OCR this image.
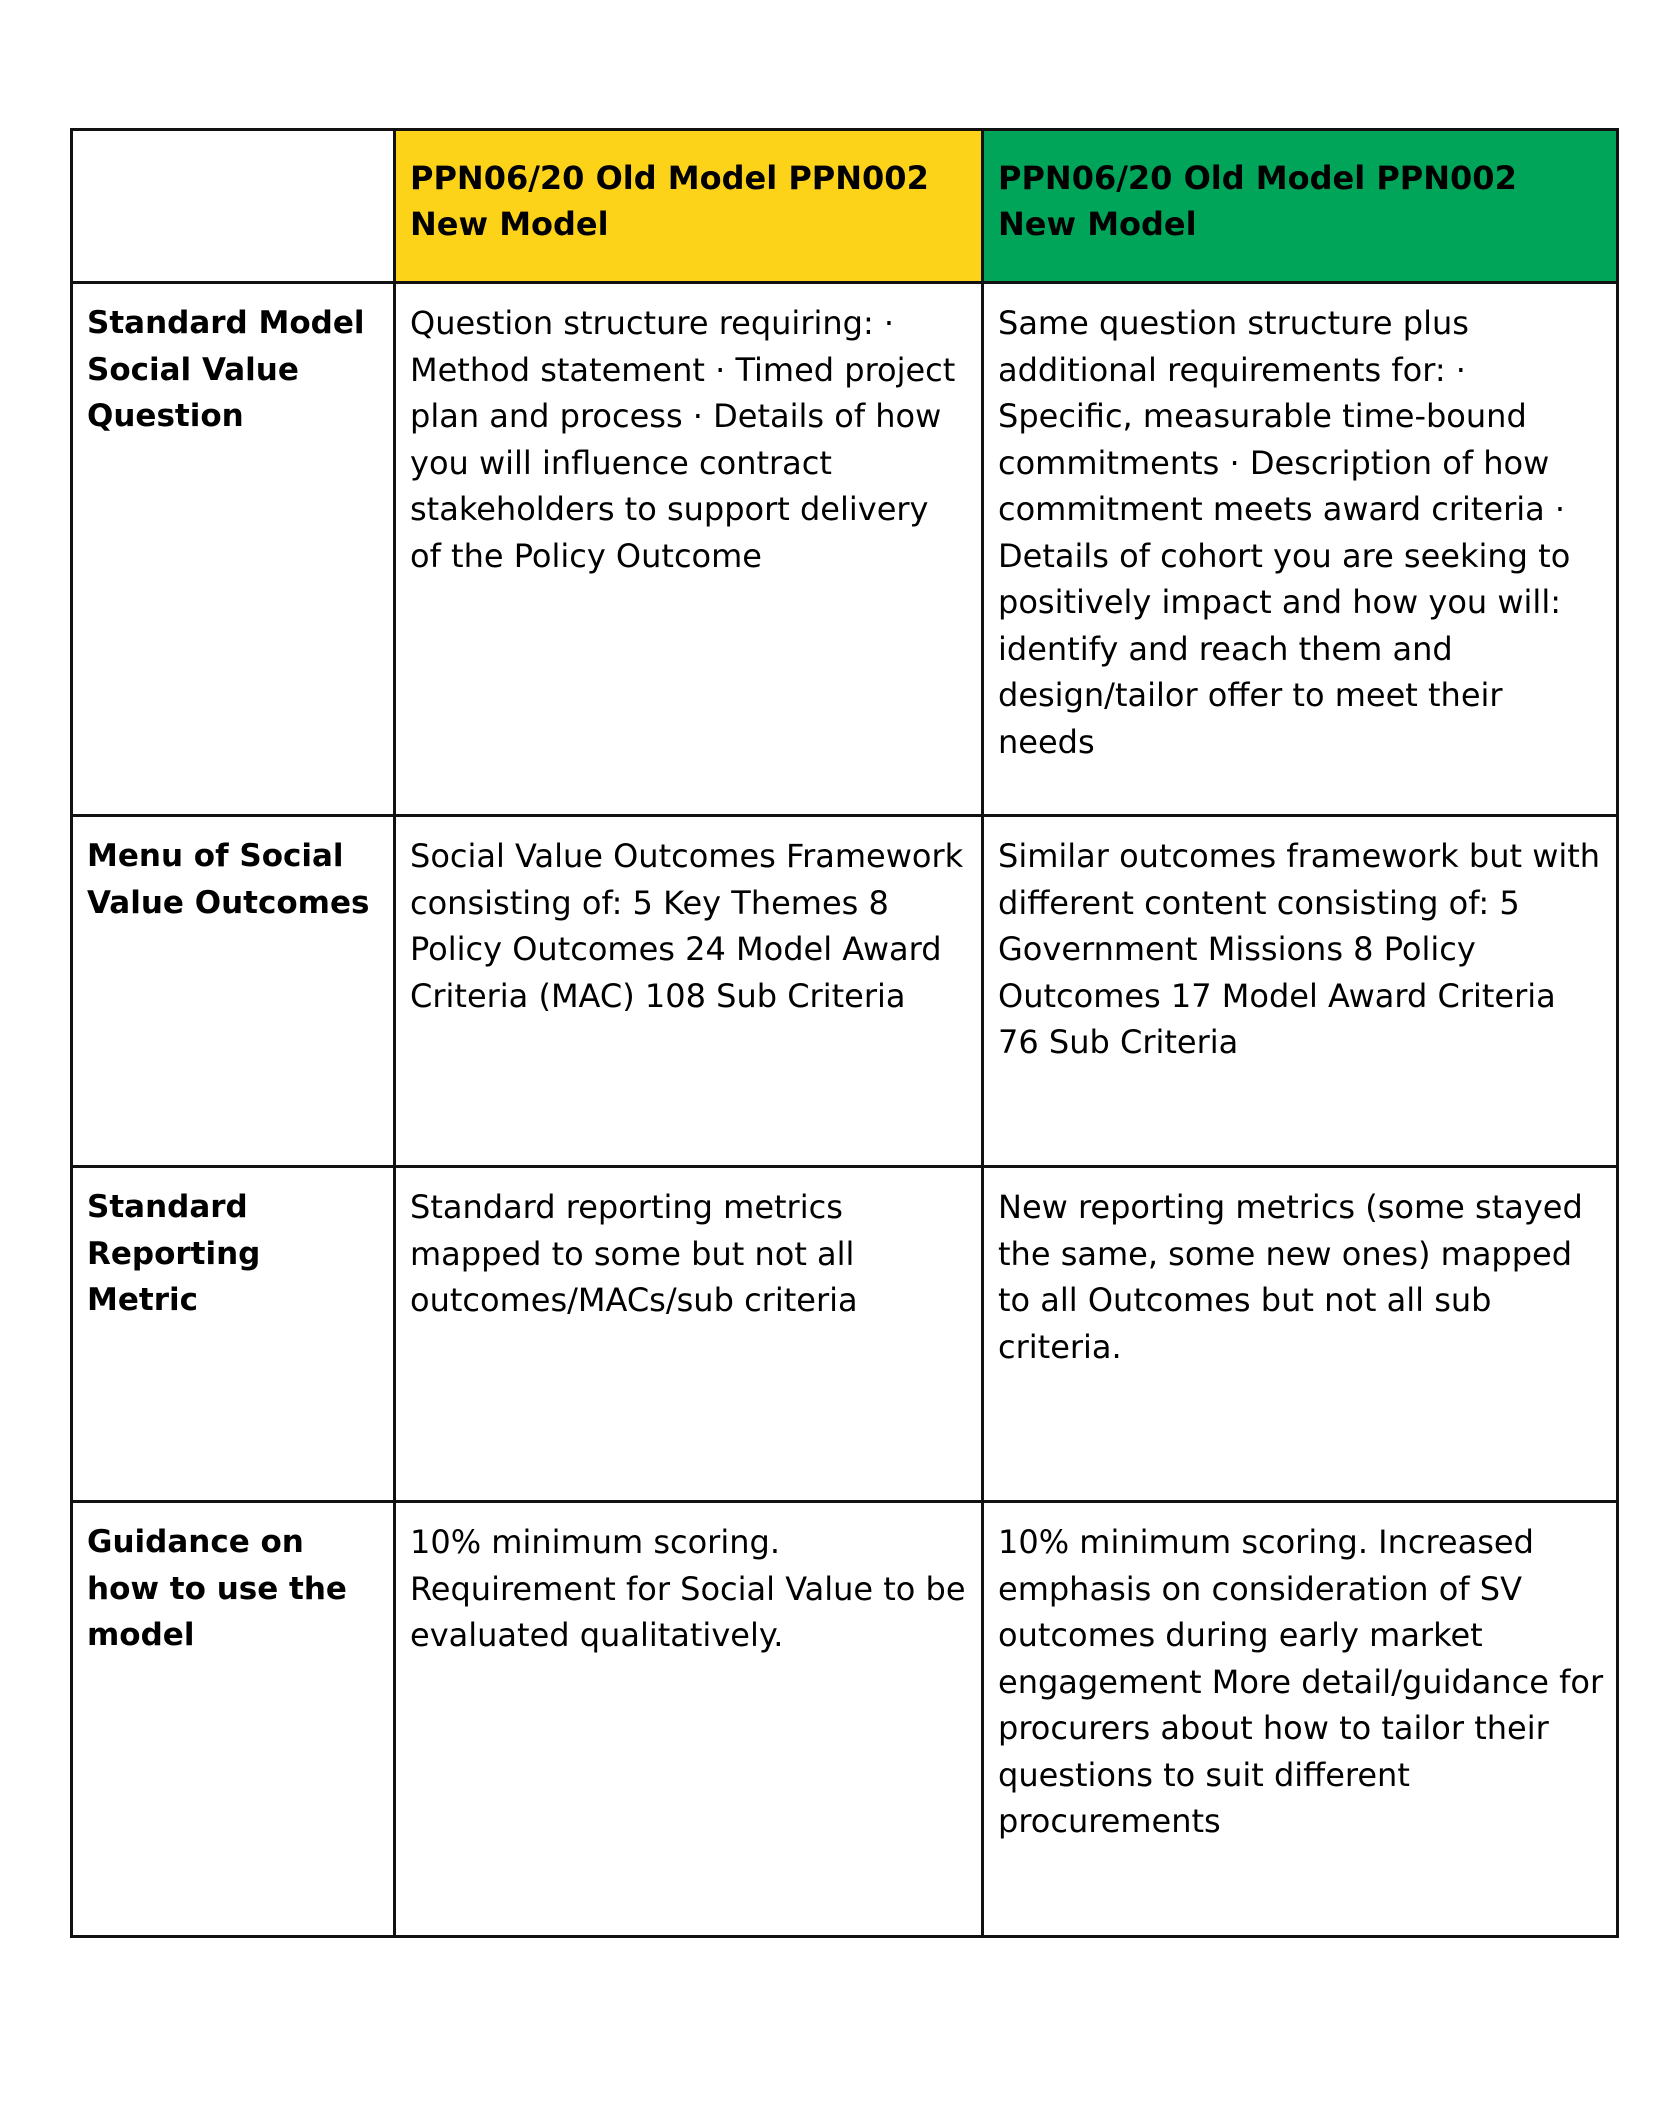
	PPN06/20 Old Model PPN002 New Model	PPN06/20 Old Model PPN002 New Model
Standard Model Social Value Question	Question structure requiring: · Method statement · Timed project plan and process · Details of how you will influence contract stakeholders to support delivery of the Policy Outcome	Same question structure plus additional requirements for: · Specific, measurable time-bound commitments · Description of how commitment meets award criteria · Details of cohort you are seeking to positively impact and how you will: identify and reach them and design/tailor offer to meet their needs
Menu of Social Value Outcomes	Social Value Outcomes Framework consisting of: 5 Key Themes 8 Policy Outcomes 24 Model Award Criteria (MAC) 108 Sub Criteria	Similar outcomes framework but with different content consisting of: 5 Government Missions 8 Policy Outcomes 17 Model Award Criteria 76 Sub Criteria
Standard Reporting Metric	Standard reporting metrics mapped to some but not all outcomes/MACs/sub criteria	New reporting metrics (some stayed the same, some new ones) mapped to all Outcomes but not all sub criteria.
Guidance on how to use the model	10% minimum scoring. Requirement for Social Value to be evaluated qualitatively.	10% minimum scoring. Increased emphasis on consideration of SV outcomes during early market engagement More detail/guidance for procurers about how to tailor their questions to suit different procurements
